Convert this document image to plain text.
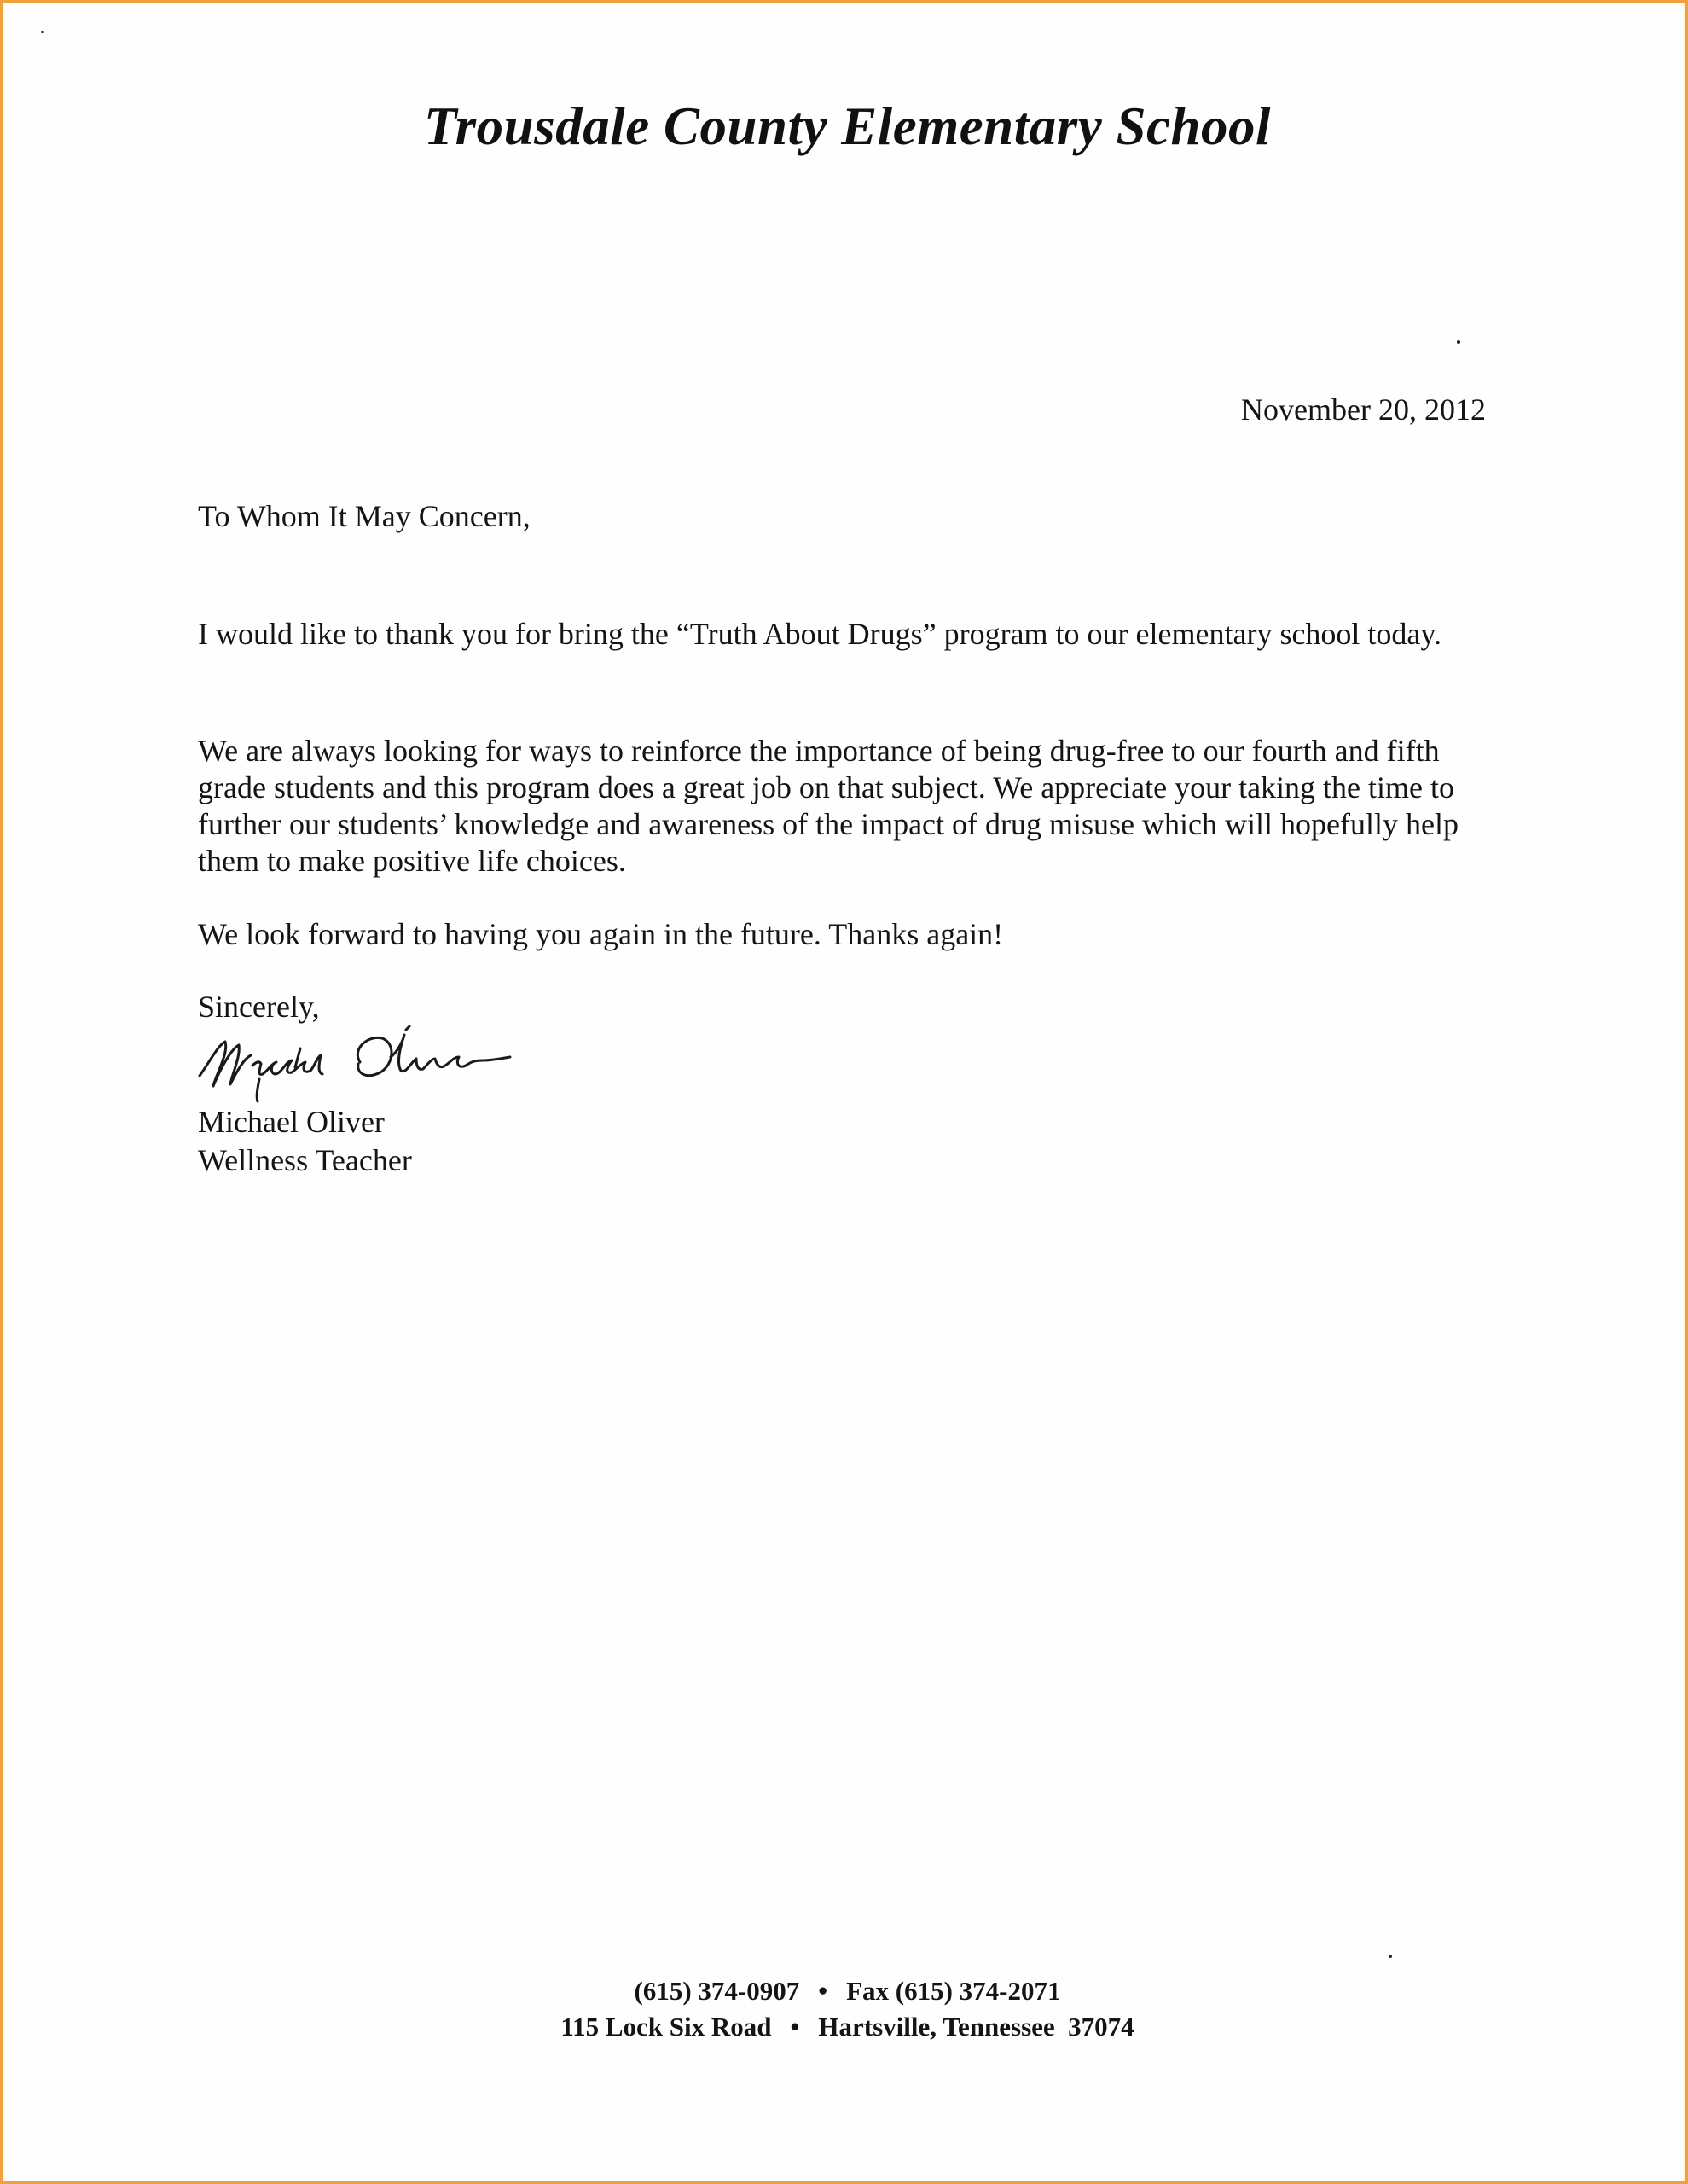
Trousdale County Elementary School
November 20, 2012
To Whom It May Concern,
I would like to thank you for bring the “Truth About Drugs” program to our elementary school today.
We are always looking for ways to reinforce the importance of being drug-free to our fourth and fifth grade students and this program does a great job on that subject. We appreciate your taking the time to further our students’ knowledge and awareness of the impact of drug misuse which will hopefully help them to make positive life choices.
We look forward to having you again in the future. Thanks again!
Sincerely,
Michael Oliver
Wellness Teacher
(615) 374-0907 • Fax (615) 374-2071
115 Lock Six Road • Hartsville, Tennessee  37074
